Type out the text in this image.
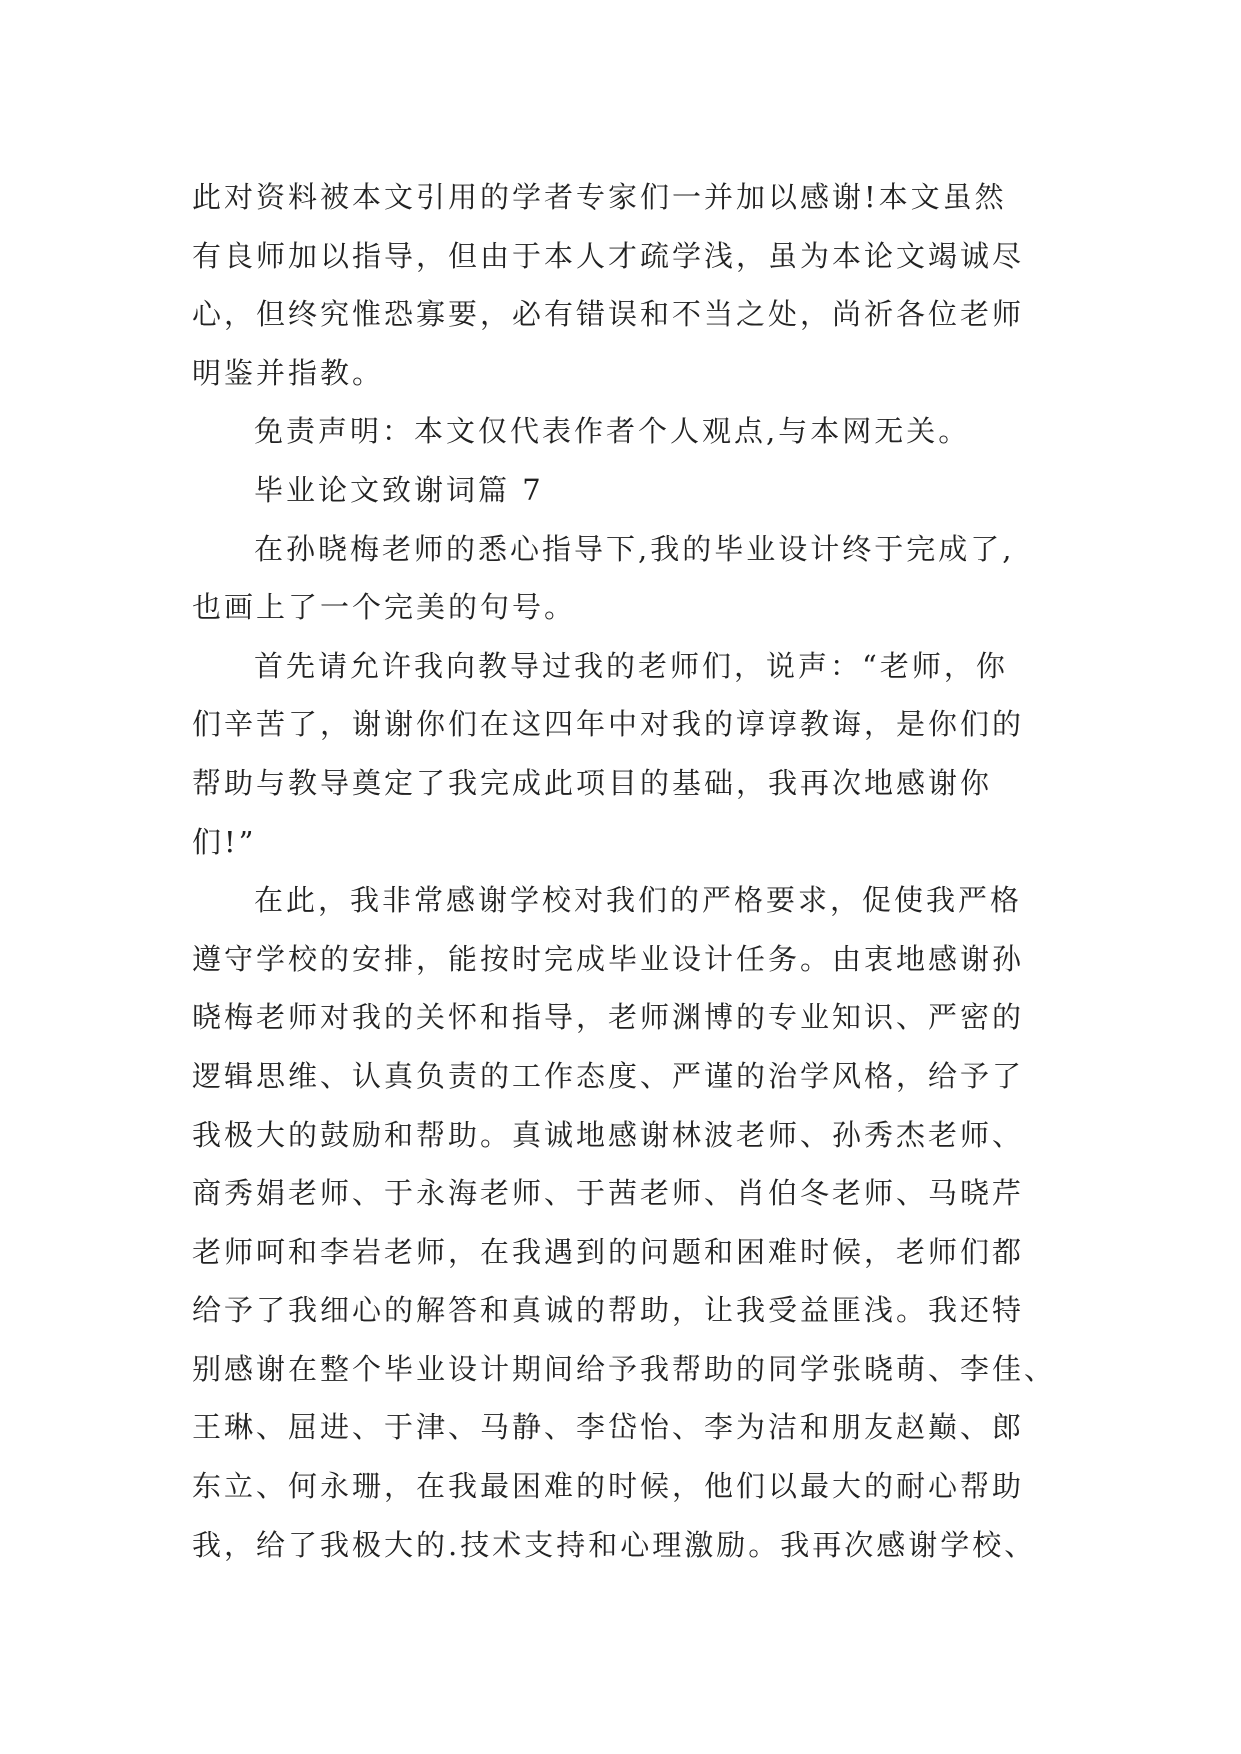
此对资料被本文引用的学者专家们一并加以感谢!本文虽然
有良师加以指导，但由于本人才疏学浅，虽为本论文竭诚尽
心，但终究惟恐寡要，必有错误和不当之处，尚祈各位老师
明鉴并指教。
免责声明：本文仅代表作者个人观点,与本网无关。
毕业论文致谢词篇 7
在孙晓梅老师的悉心指导下,我的毕业设计终于完成了,
也画上了一个完美的句号。
首先请允许我向教导过我的老师们，说声：“老师，你
们辛苦了，谢谢你们在这四年中对我的谆谆教诲，是你们的
帮助与教导奠定了我完成此项目的基础，我再次地感谢你
们!”
在此，我非常感谢学校对我们的严格要求，促使我严格
遵守学校的安排，能按时完成毕业设计任务。由衷地感谢孙
晓梅老师对我的关怀和指导，老师渊博的专业知识、严密的
逻辑思维、认真负责的工作态度、严谨的治学风格，给予了
我极大的鼓励和帮助。真诚地感谢林波老师、孙秀杰老师、
商秀娟老师、于永海老师、于茜老师、肖伯冬老师、马晓芹
老师呵和李岩老师，在我遇到的问题和困难时候，老师们都
给予了我细心的解答和真诚的帮助，让我受益匪浅。我还特
别感谢在整个毕业设计期间给予我帮助的同学张晓萌、李佳、
王琳、屈进、于津、马静、李岱怡、李为洁和朋友赵巅、郎
东立、何永珊，在我最困难的时候，他们以最大的耐心帮助
我，给了我极大的.技术支持和心理激励。我再次感谢学校、
